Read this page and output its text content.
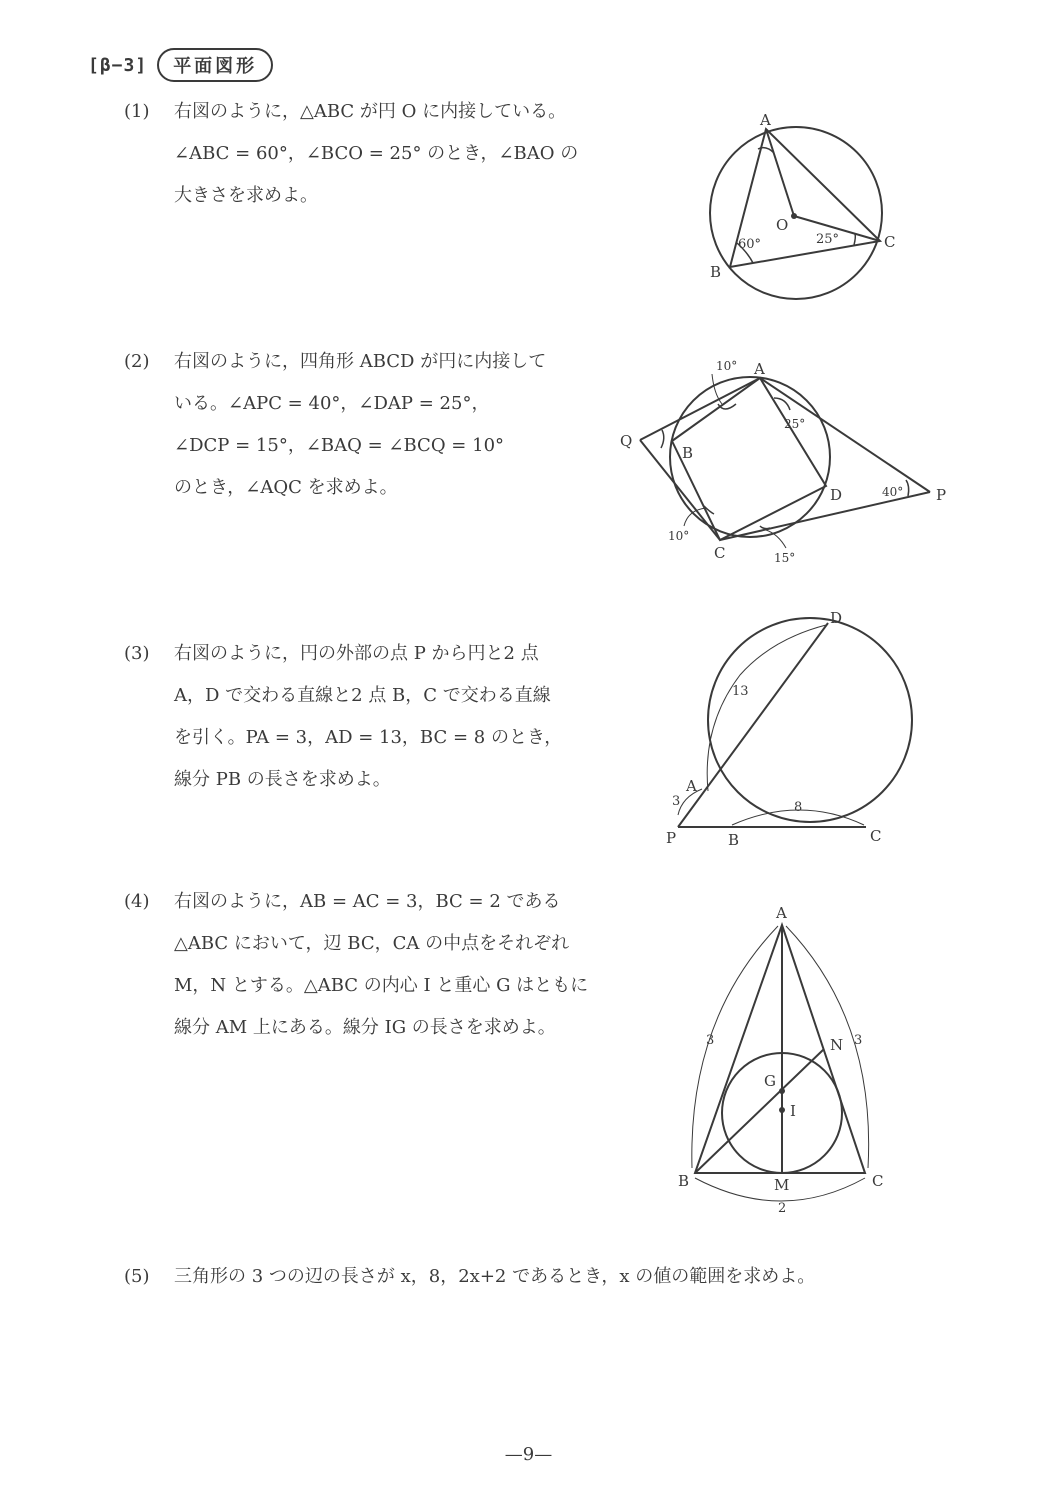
[β−3]	平面図形
(1)	右図のように，△ABC が円 O に内接している。
∠ABC = 60°，∠BCO = 25° のとき，∠BAO の
大きさを求めよ。
(2)	右図のように，四角形 ABCD が円に内接して
いる。∠APC = 40°，∠DAP = 25°，
∠DCP = 15°，∠BAQ = ∠BCQ = 10°
のとき，∠AQC を求めよ。
(3)	右図のように，円の外部の点 P から円と2 点
A，D で交わる直線と2 点 B，C で交わる直線
を引く。PA = 3，AD = 13，BC = 8 のとき，
線分 PB の長さを求めよ。
(4)	右図のように，AB = AC = 3，BC = 2 である
△ABC において，辺 BC，CA の中点をそれぞれ
M，N とする。△ABC の内心 I と重心 G はともに
線分 AM 上にある。線分 IG の長さを求めよ。
(5)	三角形の 3 つの辺の長さが x，8，2x+2 であるとき，x の値の範囲を求めよ。
A
B
C
O
60°	25°
A
B
C
D	P
Q
10°
25°
40°
10°
15°
D
A
P	B	C
13
3	8
A
B	C
M
N
G
I
3	3
2
—9—
